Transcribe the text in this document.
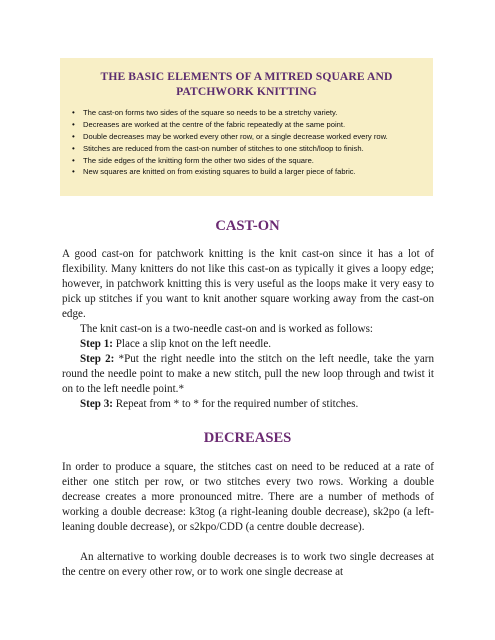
THE BASIC ELEMENTS OF A MITRED SQUARE AND PATCHWORK KNITTING
• The cast-on forms two sides of the square so needs to be a stretchy variety.
• Decreases are worked at the centre of the fabric repeatedly at the same point.
• Double decreases may be worked every other row, or a single decrease worked every row.
• Stitches are reduced from the cast-on number of stitches to one stitch/loop to finish.
• The side edges of the knitting form the other two sides of the square.
• New squares are knitted on from existing squares to build a larger piece of fabric.
CAST-ON

A good cast-on for patchwork knitting is the knit cast-on since it has a lot of flexibility. Many knitters do not like this cast-on as typically it gives a loopy edge; however, in patchwork knitting this is very useful as the loops make it very easy to pick up stitches if you want to knit another square working away from the cast-on edge.

The knit cast-on is a two-needle cast-on and is worked as follows:

Step 1: Place a slip knot on the left needle.

Step 2: *Put the right needle into the stitch on the left needle, take the yarn round the needle point to make a new stitch, pull the new loop through and twist it on to the left needle point.*

Step 3: Repeat from * to * for the required number of stitches.

DECREASES

In order to produce a square, the stitches cast on need to be reduced at a rate of either one stitch per row, or two stitches every two rows. Working a double decrease creates a more pronounced mitre. There are a number of methods of working a double decrease: k3tog (a right-leaning double decrease), sk2po (a left-leaning double decrease), or s2kpo/CDD (a centre double decrease).

An alternative to working double decreases is to work two single decreases at the centre on every other row, or to work one single decrease at
